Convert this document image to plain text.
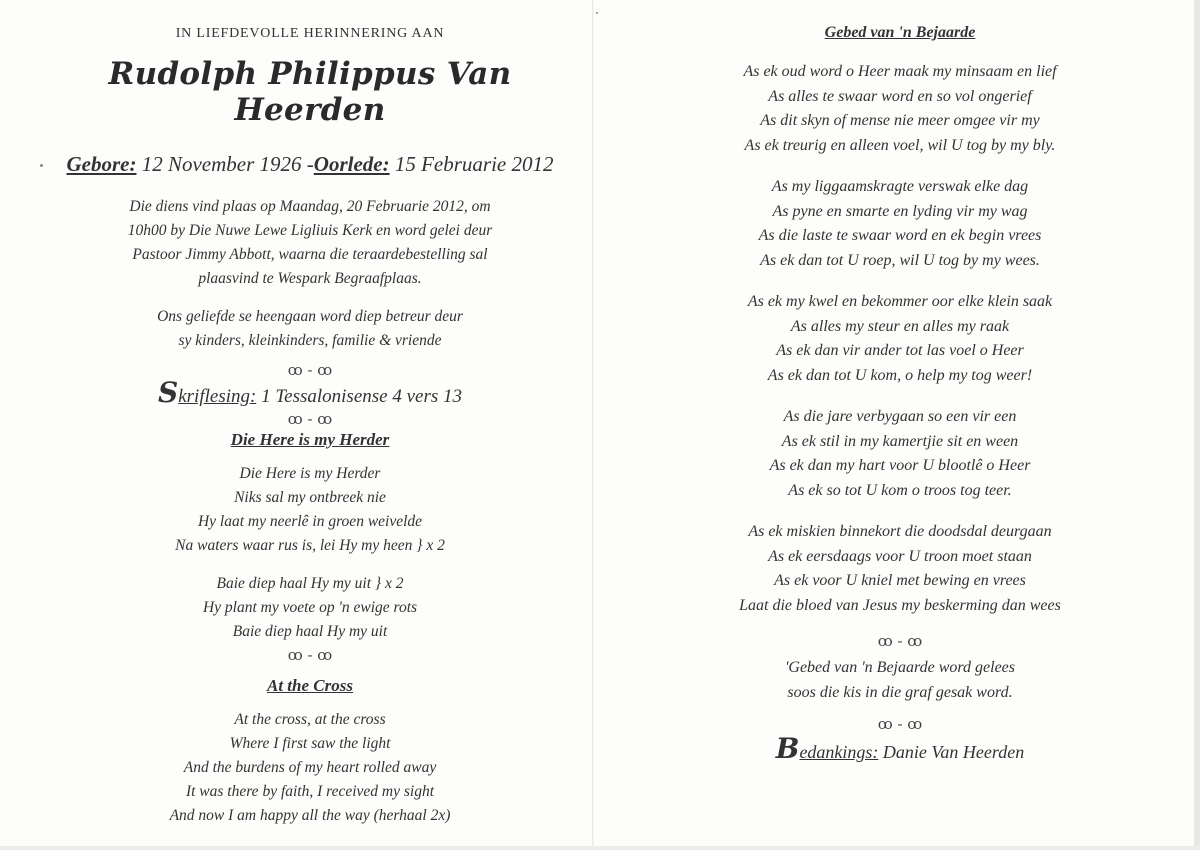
IN LIEFDEVOLLE HERINNERING AAN
Rudolph Philippus Van Heerden
Gebore: 12 November 1926 -Oorlede: 15 Februarie 2012
Die diens vind plaas op Maandag, 20 Februarie 2012, om
10h00 by Die Nuwe Lewe Ligliuis Kerk en word gelei deur
Pastoor Jimmy Abbott, waarna die teraardebestelling sal
plaasvind te Wespark Begraafplaas.
Ons geliefde se heengaan word diep betreur deur
sy kinders, kleinkinders, familie & vriende
ꝏ - ꝏ
Skriflesing: 1 Tessalonisense 4 vers 13
ꝏ - ꝏ
Die Here is my Herder
Die Here is my Herder
Niks sal my ontbreek nie
Hy laat my neerlê in groen weivelde
Na waters waar rus is, lei Hy my heen } x 2
Baie diep haal Hy my uit } x 2
Hy plant my voete op 'n ewige rots
Baie diep haal Hy my uit
ꝏ - ꝏ
At the Cross
At the cross, at the cross
Where I first saw the light
And the burdens of my heart rolled away
It was there by faith, I received my sight
And now I am happy all the way (herhaal 2x)
Gebed van 'n Bejaarde
As ek oud word o Heer maak my minsaam en lief
As alles te swaar word en so vol ongerief
As dit skyn of mense nie meer omgee vir my
As ek treurig en alleen voel, wil U tog by my bly.
As my liggaamskragte verswak elke dag
As pyne en smarte en lyding vir my wag
As die laste te swaar word en ek begin vrees
As ek dan tot U roep, wil U tog by my wees.
As ek my kwel en bekommer oor elke klein saak
As alles my steur en alles my raak
As ek dan vir ander tot las voel o Heer
As ek dan tot U kom, o help my tog weer!
As die jare verbygaan so een vir een
As ek stil in my kamertjie sit en ween
As ek dan my hart voor U blootlê o Heer
As ek so tot U kom o troos tog teer.
As ek miskien binnekort die doodsdal deurgaan
As ek eersdaags voor U troon moet staan
As ek voor U kniel met bewing en vrees
Laat die bloed van Jesus my beskerming dan wees
ꝏ - ꝏ
'Gebed van 'n Bejaarde word gelees
soos die kis in die graf gesak word.
ꝏ - ꝏ
Bedankings: Danie Van Heerden
